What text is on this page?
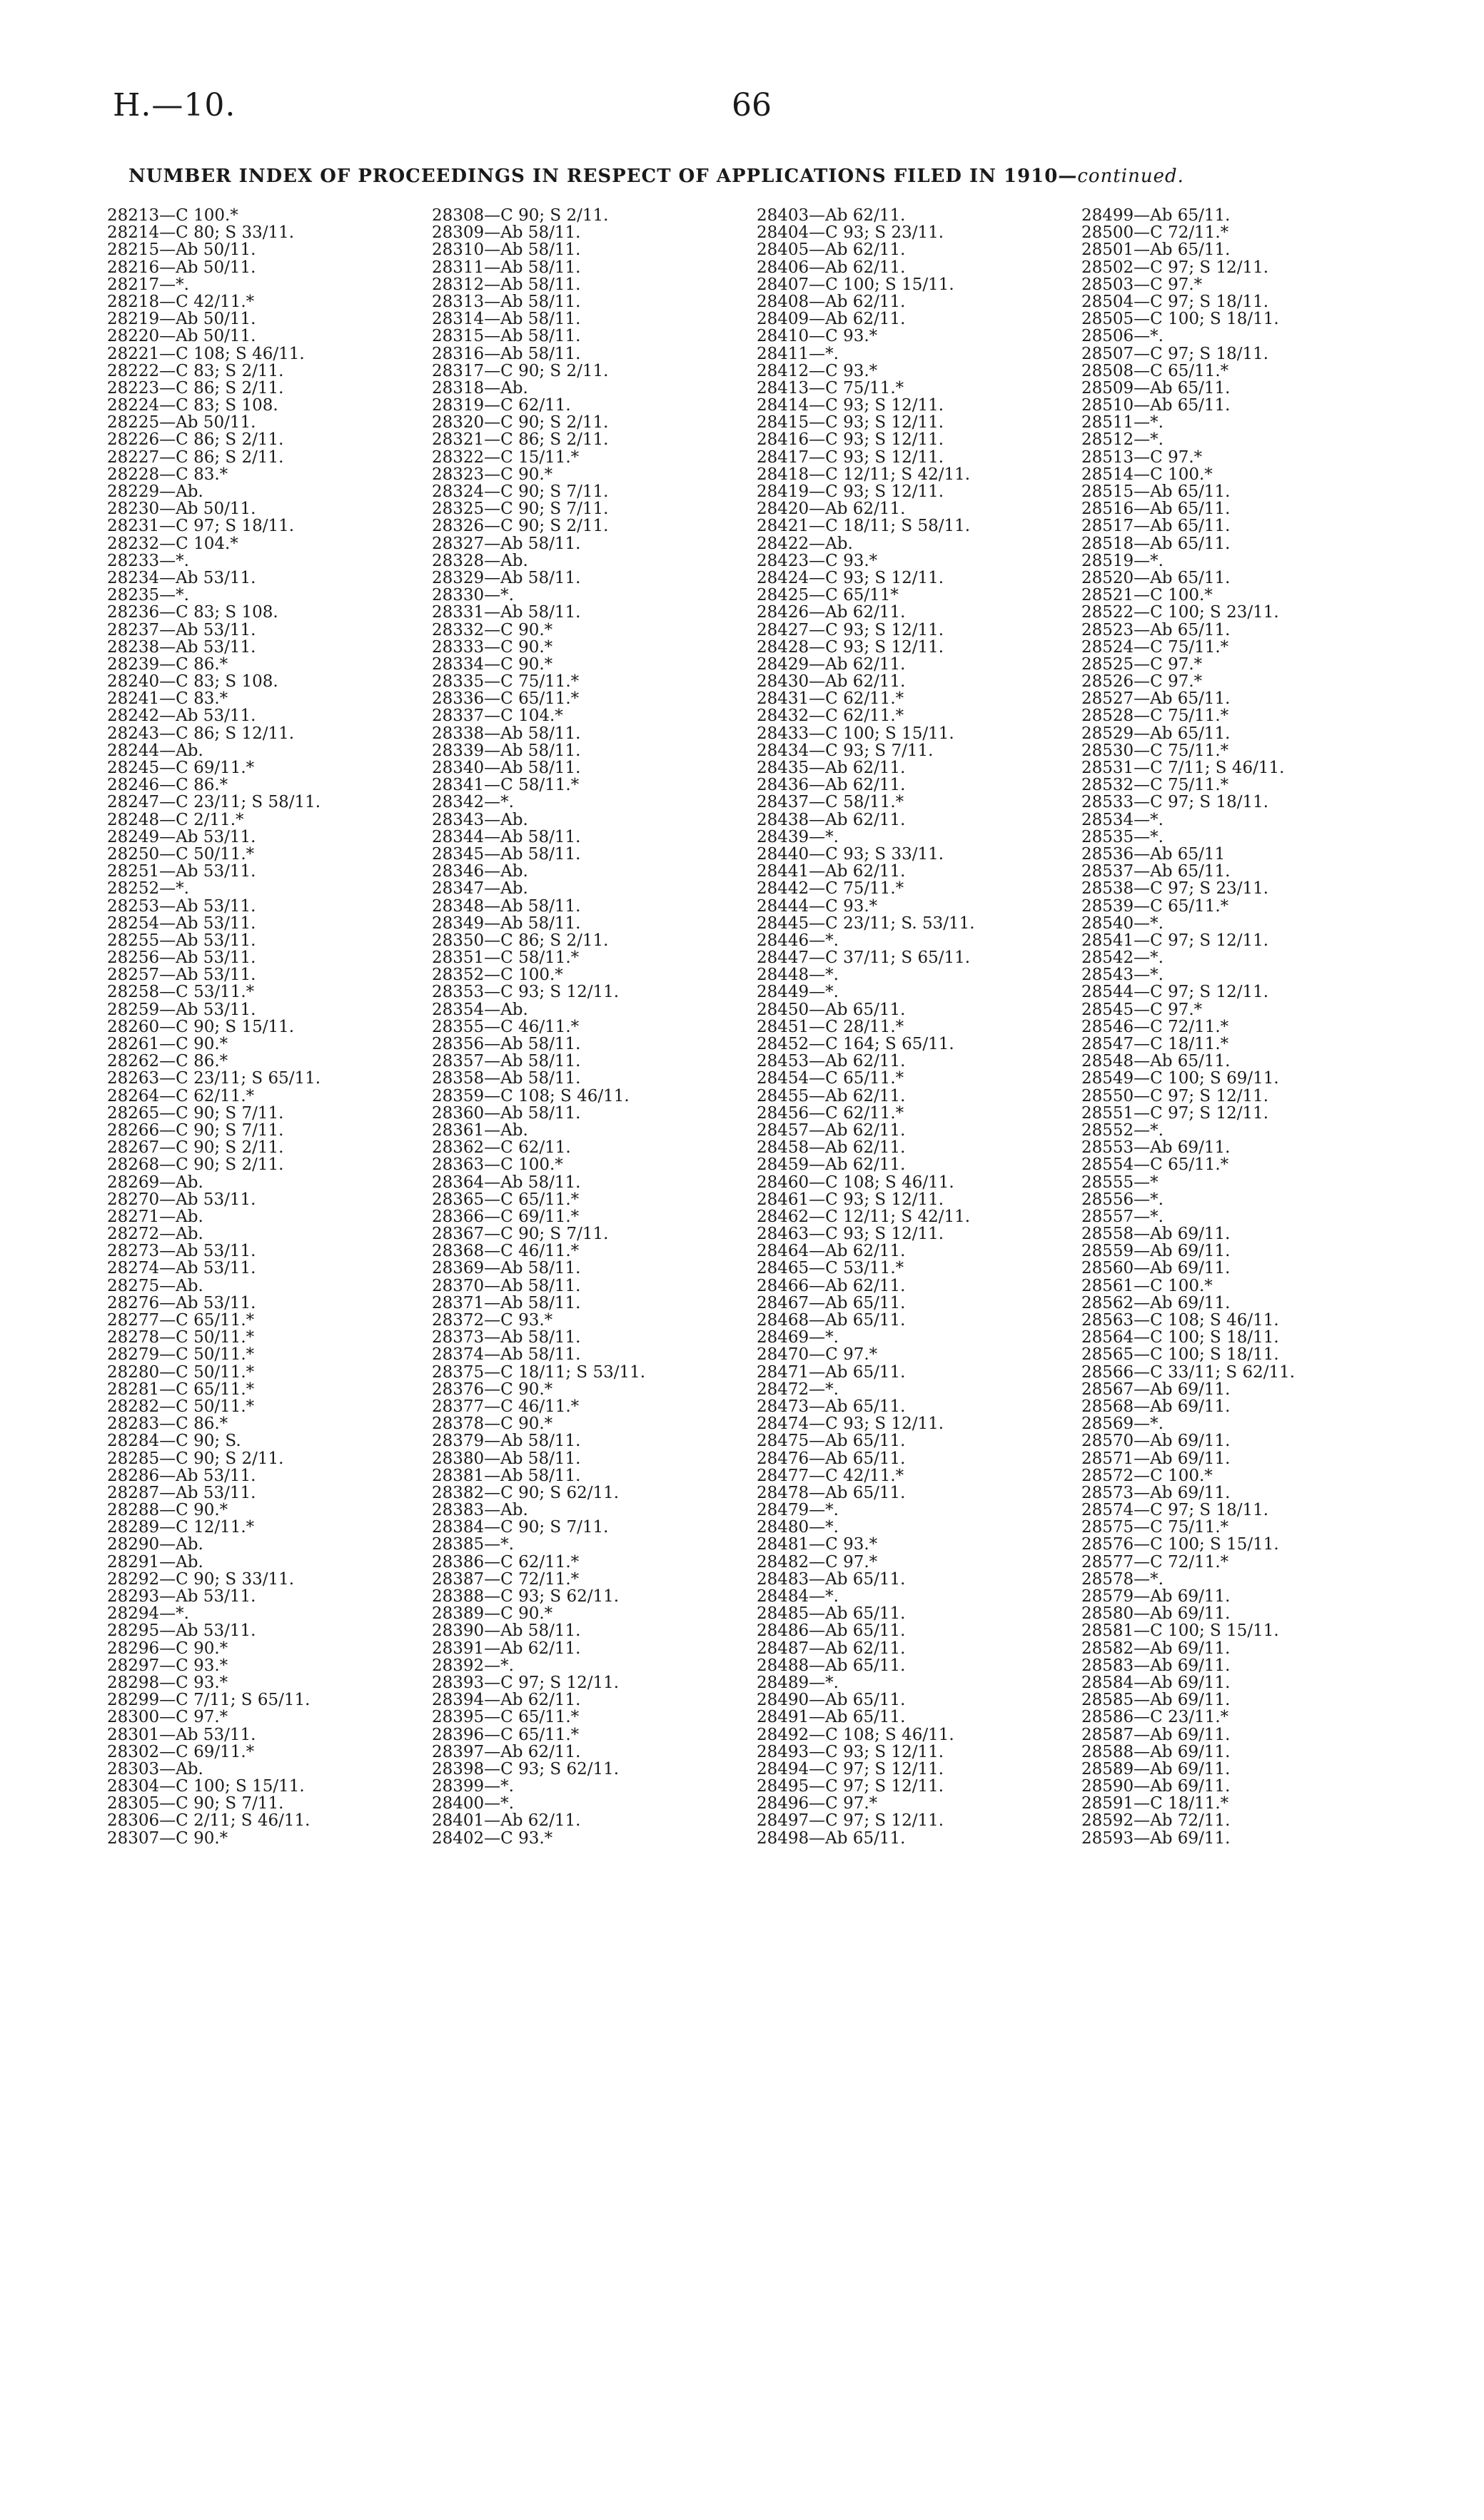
H.—10.	66
NUMBER INDEX OF PROCEEDINGS IN RESPECT OF APPLICATIONS FILED IN 1910—continued.
28213—C 100.*
28214—C 80; S 33/11.
28215—Ab 50/11.
28216—Ab 50/11.
28217—*.
28218—C 42/11.*
28219—Ab 50/11.
28220—Ab 50/11.
28221—C 108; S 46/11.
28222—C 83; S 2/11.
28223—C 86; S 2/11.
28224—C 83; S 108.
28225—Ab 50/11.
28226—C 86; S 2/11.
28227—C 86; S 2/11.
28228—C 83.*
28229—Ab.
28230—Ab 50/11.
28231—C 97; S 18/11.
28232—C 104.*
28233—*.
28234—Ab 53/11.
28235—*.
28236—C 83; S 108.
28237—Ab 53/11.
28238—Ab 53/11.
28239—C 86.*
28240—C 83; S 108.
28241—C 83.*
28242—Ab 53/11.
28243—C 86; S 12/11.
28244—Ab.
28245—C 69/11.*
28246—C 86.*
28247—C 23/11; S 58/11.
28248—C 2/11.*
28249—Ab 53/11.
28250—C 50/11.*
28251—Ab 53/11.
28252—*.
28253—Ab 53/11.
28254—Ab 53/11.
28255—Ab 53/11.
28256—Ab 53/11.
28257—Ab 53/11.
28258—C 53/11.*
28259—Ab 53/11.
28260—C 90; S 15/11.
28261—C 90.*
28262—C 86.*
28263—C 23/11; S 65/11.
28264—C 62/11.*
28265—C 90; S 7/11.
28266—C 90; S 7/11.
28267—C 90; S 2/11.
28268—C 90; S 2/11.
28269—Ab.
28270—Ab 53/11.
28271—Ab.
28272—Ab.
28273—Ab 53/11.
28274—Ab 53/11.
28275—Ab.
28276—Ab 53/11.
28277—C 65/11.*
28278—C 50/11.*
28279—C 50/11.*
28280—C 50/11.*
28281—C 65/11.*
28282—C 50/11.*
28283—C 86.*
28284—C 90; S.
28285—C 90; S 2/11.
28286—Ab 53/11.
28287—Ab 53/11.
28288—C 90.*
28289—C 12/11.*
28290—Ab.
28291—Ab.
28292—C 90; S 33/11.
28293—Ab 53/11.
28294—*.
28295—Ab 53/11.
28296—C 90.*
28297—C 93.*
28298—C 93.*
28299—C 7/11; S 65/11.
28300—C 97.*
28301—Ab 53/11.
28302—C 69/11.*
28303—Ab.
28304—C 100; S 15/11.
28305—C 90; S 7/11.
28306—C 2/11; S 46/11.
28307—C 90.*
28308—C 90; S 2/11.
28309—Ab 58/11.
28310—Ab 58/11.
28311—Ab 58/11.
28312—Ab 58/11.
28313—Ab 58/11.
28314—Ab 58/11.
28315—Ab 58/11.
28316—Ab 58/11.
28317—C 90; S 2/11.
28318—Ab.
28319—C 62/11.
28320—C 90; S 2/11.
28321—C 86; S 2/11.
28322—C 15/11.*
28323—C 90.*
28324—C 90; S 7/11.
28325—C 90; S 7/11.
28326—C 90; S 2/11.
28327—Ab 58/11.
28328—Ab.
28329—Ab 58/11.
28330—*.
28331—Ab 58/11.
28332—C 90.*
28333—C 90.*
28334—C 90.*
28335—C 75/11.*
28336—C 65/11.*
28337—C 104.*
28338—Ab 58/11.
28339—Ab 58/11.
28340—Ab 58/11.
28341—C 58/11.*
28342—*.
28343—Ab.
28344—Ab 58/11.
28345—Ab 58/11.
28346—Ab.
28347—Ab.
28348—Ab 58/11.
28349—Ab 58/11.
28350—C 86; S 2/11.
28351—C 58/11.*
28352—C 100.*
28353—C 93; S 12/11.
28354—Ab.
28355—C 46/11.*
28356—Ab 58/11.
28357—Ab 58/11.
28358—Ab 58/11.
28359—C 108; S 46/11.
28360—Ab 58/11.
28361—Ab.
28362—C 62/11.
28363—C 100.*
28364—Ab 58/11.
28365—C 65/11.*
28366—C 69/11.*
28367—C 90; S 7/11.
28368—C 46/11.*
28369—Ab 58/11.
28370—Ab 58/11.
28371—Ab 58/11.
28372—C 93.*
28373—Ab 58/11.
28374—Ab 58/11.
28375—C 18/11; S 53/11.
28376—C 90.*
28377—C 46/11.*
28378—C 90.*
28379—Ab 58/11.
28380—Ab 58/11.
28381—Ab 58/11.
28382—C 90; S 62/11.
28383—Ab.
28384—C 90; S 7/11.
28385—*.
28386—C 62/11.*
28387—C 72/11.*
28388—C 93; S 62/11.
28389—C 90.*
28390—Ab 58/11.
28391—Ab 62/11.
28392—*.
28393—C 97; S 12/11.
28394—Ab 62/11.
28395—C 65/11.*
28396—C 65/11.*
28397—Ab 62/11.
28398—C 93; S 62/11.
28399—*.
28400—*.
28401—Ab 62/11.
28402—C 93.*
28403—Ab 62/11.
28404—C 93; S 23/11.
28405—Ab 62/11.
28406—Ab 62/11.
28407—C 100; S 15/11.
28408—Ab 62/11.
28409—Ab 62/11.
28410—C 93.*
28411—*.
28412—C 93.*
28413—C 75/11.*
28414—C 93; S 12/11.
28415—C 93; S 12/11.
28416—C 93; S 12/11.
28417—C 93; S 12/11.
28418—C 12/11; S 42/11.
28419—C 93; S 12/11.
28420—Ab 62/11.
28421—C 18/11; S 58/11.
28422—Ab.
28423—C 93.*
28424—C 93; S 12/11.
28425—C 65/11*
28426—Ab 62/11.
28427—C 93; S 12/11.
28428—C 93; S 12/11.
28429—Ab 62/11.
28430—Ab 62/11.
28431—C 62/11.*
28432—C 62/11.*
28433—C 100; S 15/11.
28434—C 93; S 7/11.
28435—Ab 62/11.
28436—Ab 62/11.
28437—C 58/11.*
28438—Ab 62/11.
28439—*.
28440—C 93; S 33/11.
28441—Ab 62/11.
28442—C 75/11.*
28444—C 93.*
28445—C 23/11; S. 53/11.
28446—*.
28447—C 37/11; S 65/11.
28448—*.
28449—*.
28450—Ab 65/11.
28451—C 28/11.*
28452—C 164; S 65/11.
28453—Ab 62/11.
28454—C 65/11.*
28455—Ab 62/11.
28456—C 62/11.*
28457—Ab 62/11.
28458—Ab 62/11.
28459—Ab 62/11.
28460—C 108; S 46/11.
28461—C 93; S 12/11.
28462—C 12/11; S 42/11.
28463—C 93; S 12/11.
28464—Ab 62/11.
28465—C 53/11.*
28466—Ab 62/11.
28467—Ab 65/11.
28468—Ab 65/11.
28469—*.
28470—C 97.*
28471—Ab 65/11.
28472—*.
28473—Ab 65/11.
28474—C 93; S 12/11.
28475—Ab 65/11.
28476—Ab 65/11.
28477—C 42/11.*
28478—Ab 65/11.
28479—*.
28480—*.
28481—C 93.*
28482—C 97.*
28483—Ab 65/11.
28484—*.
28485—Ab 65/11.
28486—Ab 65/11.
28487—Ab 62/11.
28488—Ab 65/11.
28489—*.
28490—Ab 65/11.
28491—Ab 65/11.
28492—C 108; S 46/11.
28493—C 93; S 12/11.
28494—C 97; S 12/11.
28495—C 97; S 12/11.
28496—C 97.*
28497—C 97; S 12/11.
28498—Ab 65/11.
28499—Ab 65/11.
28500—C 72/11.*
28501—Ab 65/11.
28502—C 97; S 12/11.
28503—C 97.*
28504—C 97; S 18/11.
28505—C 100; S 18/11.
28506—*.
28507—C 97; S 18/11.
28508—C 65/11.*
28509—Ab 65/11.
28510—Ab 65/11.
28511—*.
28512—*.
28513—C 97.*
28514—C 100.*
28515—Ab 65/11.
28516—Ab 65/11.
28517—Ab 65/11.
28518—Ab 65/11.
28519—*.
28520—Ab 65/11.
28521—C 100.*
28522—C 100; S 23/11.
28523—Ab 65/11.
28524—C 75/11.*
28525—C 97.*
28526—C 97.*
28527—Ab 65/11.
28528—C 75/11.*
28529—Ab 65/11.
28530—C 75/11.*
28531—C 7/11; S 46/11.
28532—C 75/11.*
28533—C 97; S 18/11.
28534—*.
28535—*.
28536—Ab 65/11
28537—Ab 65/11.
28538—C 97; S 23/11.
28539—C 65/11.*
28540—*.
28541—C 97; S 12/11.
28542—*.
28543—*.
28544—C 97; S 12/11.
28545—C 97.*
28546—C 72/11.*
28547—C 18/11.*
28548—Ab 65/11.
28549—C 100; S 69/11.
28550—C 97; S 12/11.
28551—C 97; S 12/11.
28552—*.
28553—Ab 69/11.
28554—C 65/11.*
28555—*
28556—*.
28557—*.
28558—Ab 69/11.
28559—Ab 69/11.
28560—Ab 69/11.
28561—C 100.*
28562—Ab 69/11.
28563—C 108; S 46/11.
28564—C 100; S 18/11.
28565—C 100; S 18/11.
28566—C 33/11; S 62/11.
28567—Ab 69/11.
28568—Ab 69/11.
28569—*.
28570—Ab 69/11.
28571—Ab 69/11.
28572—C 100.*
28573—Ab 69/11.
28574—C 97; S 18/11.
28575—C 75/11.*
28576—C 100; S 15/11.
28577—C 72/11.*
28578—*.
28579—Ab 69/11.
28580—Ab 69/11.
28581—C 100; S 15/11.
28582—Ab 69/11.
28583—Ab 69/11.
28584—Ab 69/11.
28585—Ab 69/11.
28586—C 23/11.*
28587—Ab 69/11.
28588—Ab 69/11.
28589—Ab 69/11.
28590—Ab 69/11.
28591—C 18/11.*
28592—Ab 72/11.
28593—Ab 69/11.
